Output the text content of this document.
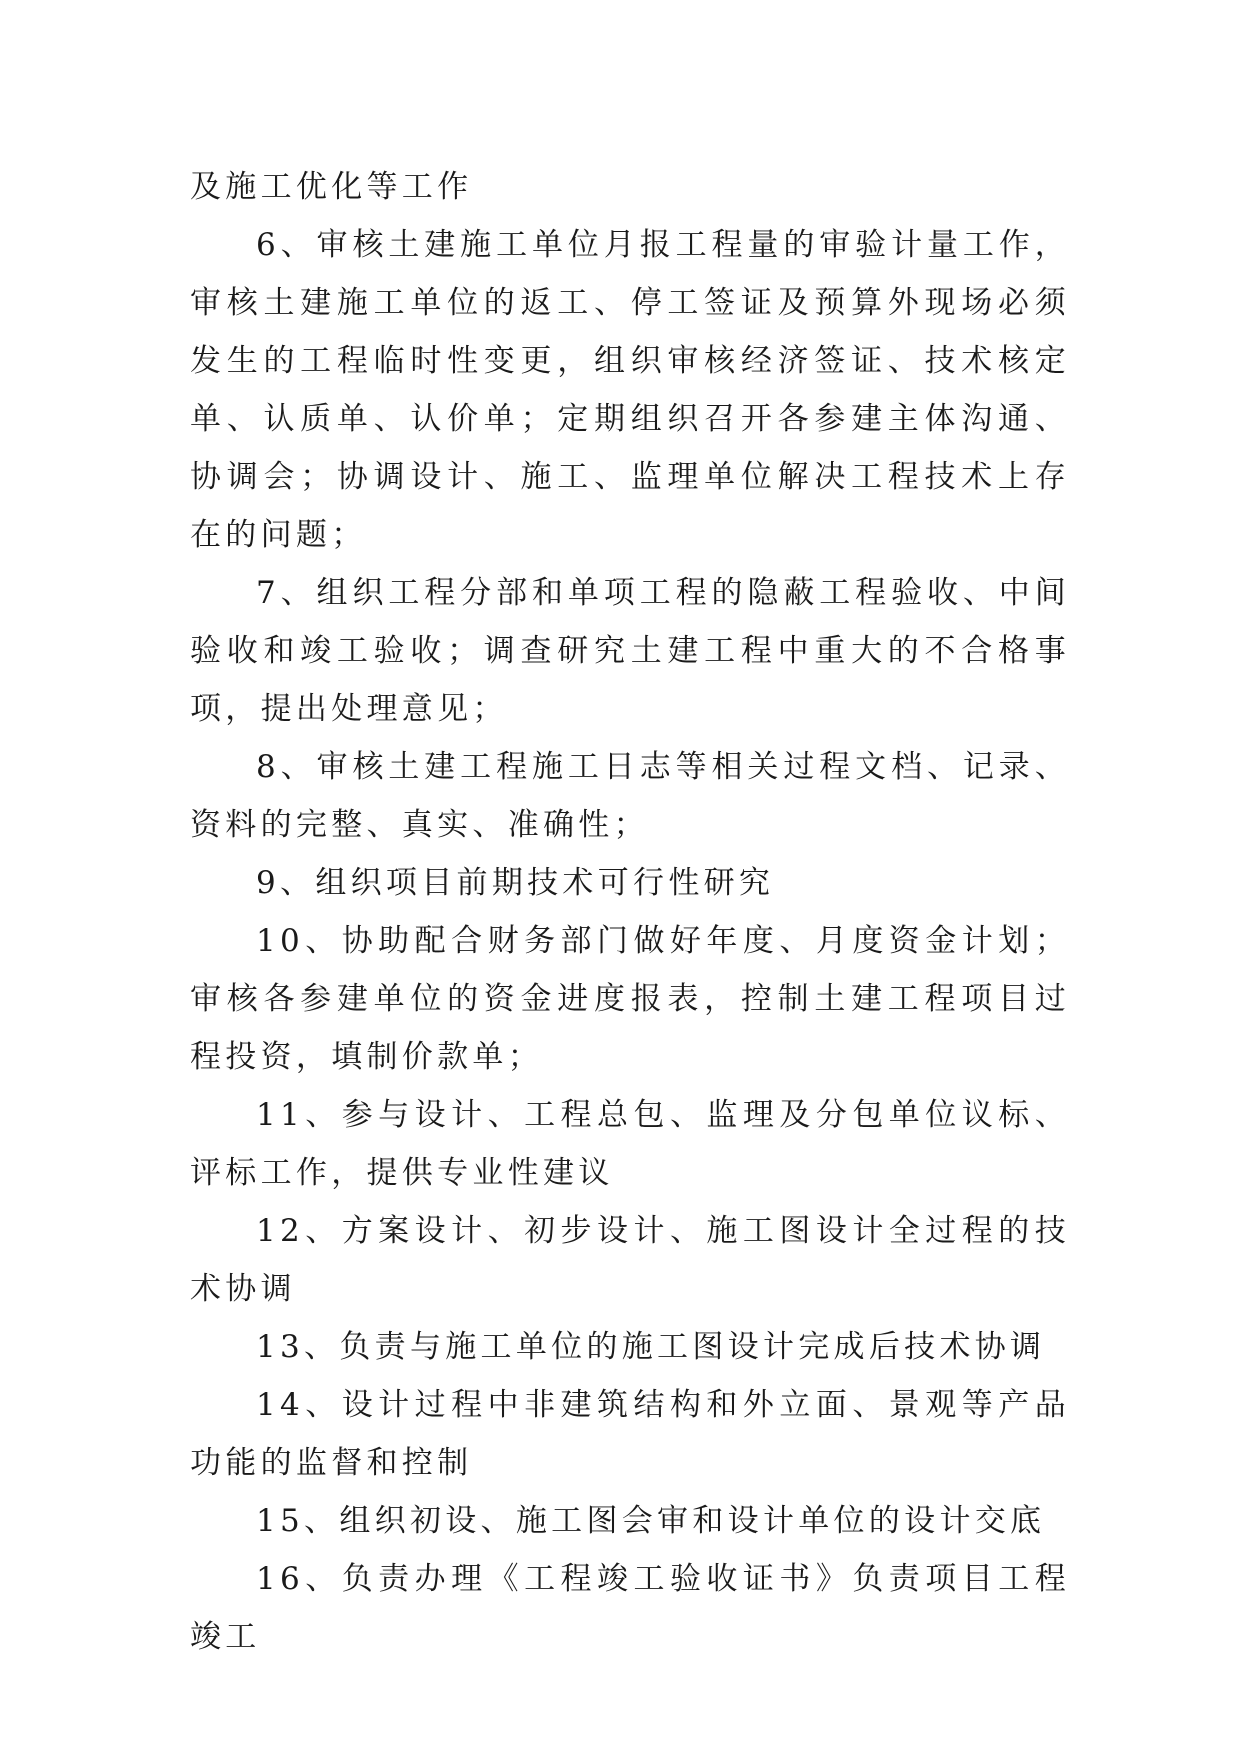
及施工优化等工作

6、审核土建施工单位月报工程量的审验计量工作，审核土建施工单位的返工、停工签证及预算外现场必须发生的工程临时性变更，组织审核经济签证、技术核定单、认质单、认价单；定期组织召开各参建主体沟通、协调会；协调设计、施工、监理单位解决工程技术上存在的问题；

7、组织工程分部和单项工程的隐蔽工程验收、中间验收和竣工验收；调查研究土建工程中重大的不合格事项，提出处理意见；

8、审核土建工程施工日志等相关过程文档、记录、资料的完整、真实、准确性；

9、组织项目前期技术可行性研究

10、协助配合财务部门做好年度、月度资金计划；审核各参建单位的资金进度报表，控制土建工程项目过程投资，填制价款单；

11、参与设计、工程总包、监理及分包单位议标、评标工作，提供专业性建议

12、方案设计、初步设计、施工图设计全过程的技术协调

13、负责与施工单位的施工图设计完成后技术协调

14、设计过程中非建筑结构和外立面、景观等产品功能的监督和控制

15、组织初设、施工图会审和设计单位的设计交底

16、负责办理《工程竣工验收证书》负责项目工程竣工
